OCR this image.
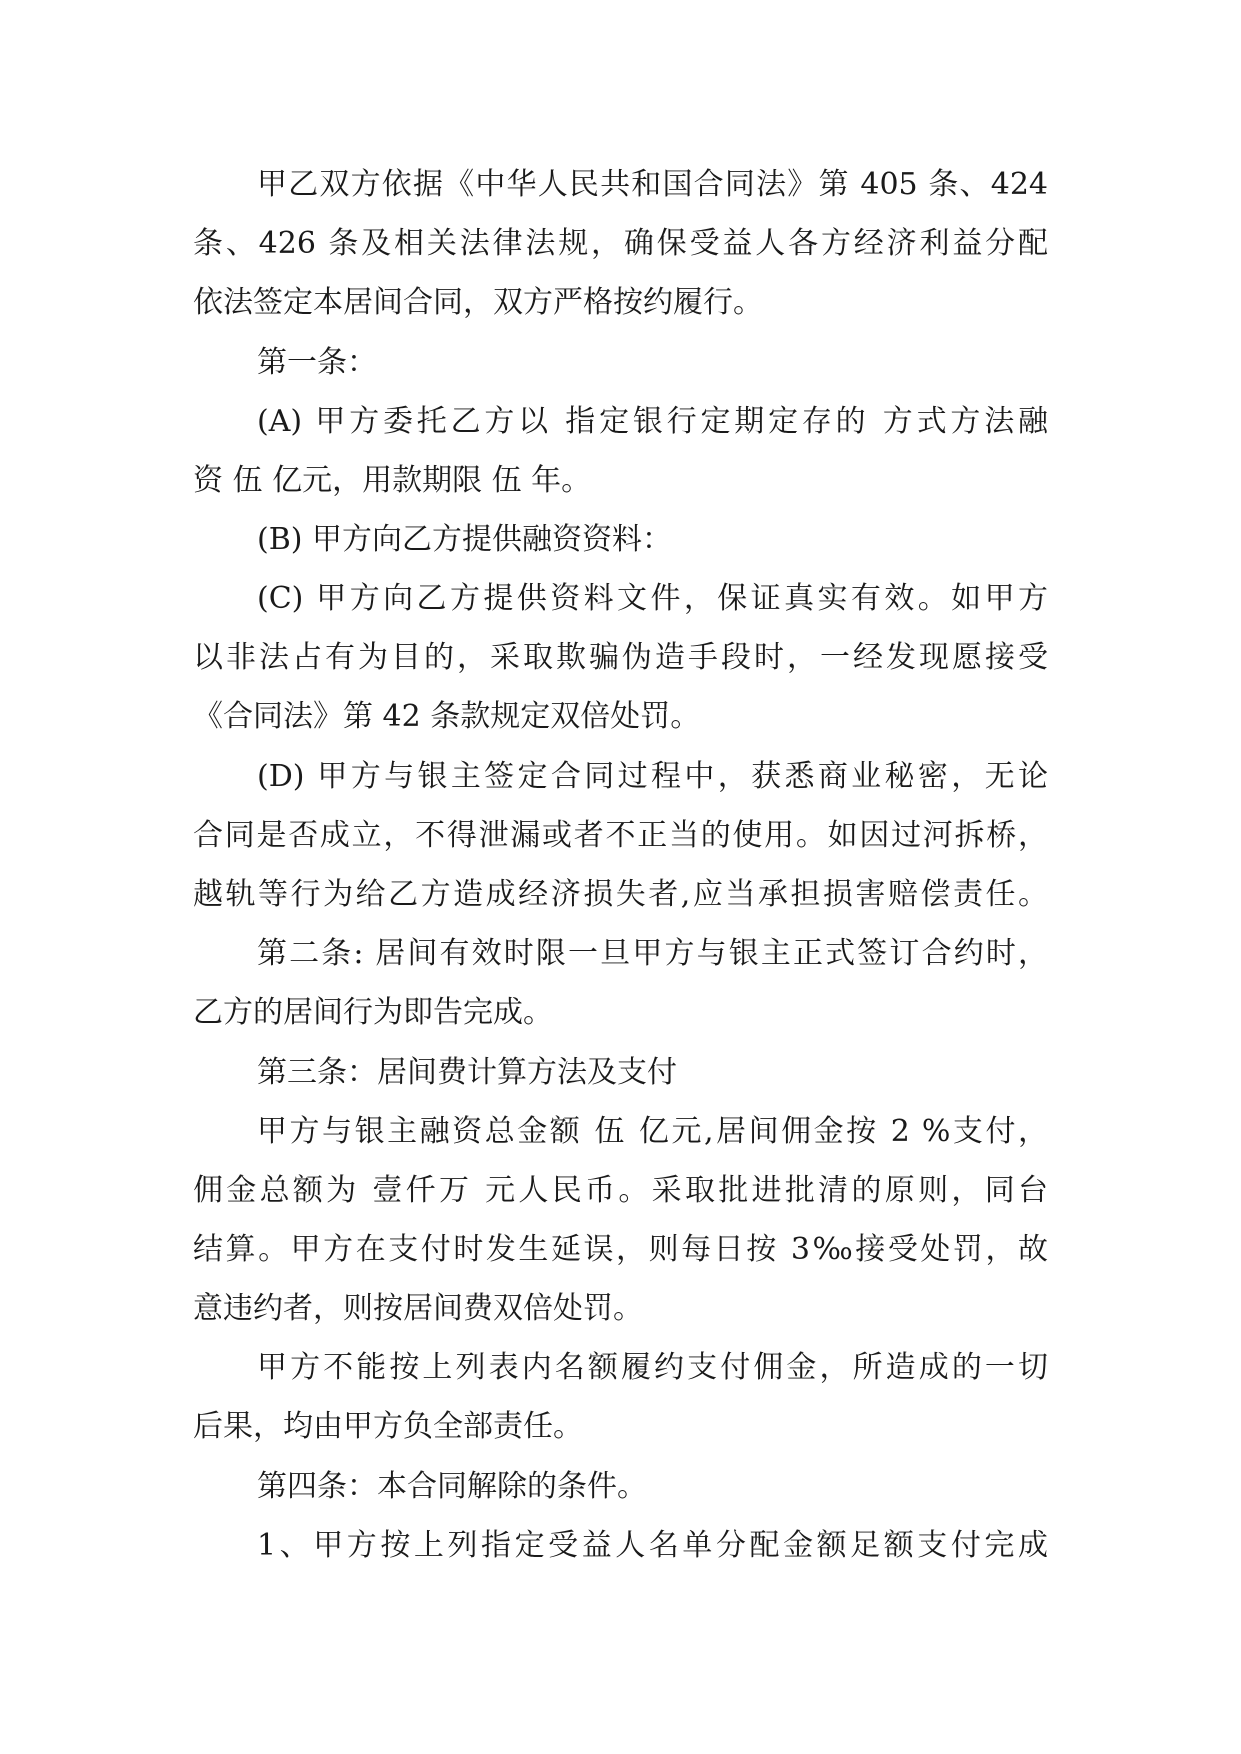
甲乙双方依据《中华人民共和国合同法》第 405 条、424
条、426 条及相关法律法规，确保受益人各方经济利益分配
依法签定本居间合同，双方严格按约履行。
第一条：
(A) 甲方委托乙方以 指定银行定期定存的 方式方法融
资 伍 亿元，用款期限 伍 年。
(B) 甲方向乙方提供融资资料：
(C) 甲方向乙方提供资料文件，保证真实有效。如甲方
以非法占有为目的，采取欺骗伪造手段时，一经发现愿接受
《合同法》第 42 条款规定双倍处罚。
(D) 甲方与银主签定合同过程中，获悉商业秘密，无论
合同是否成立，不得泄漏或者不正当的使用。如因过河拆桥，
越轨等行为给乙方造成经济损失者,应当承担损害赔偿责任。
第二条: 居间有效时限一旦甲方与银主正式签订合约时，
乙方的居间行为即告完成。
第三条：居间费计算方法及支付
甲方与银主融资总金额 伍 亿元,居间佣金按 2 %支付，
佣金总额为 壹仟万 元人民币。采取批进批清的原则，同台
结算。甲方在支付时发生延误，则每日按 3‰接受处罚，故
意违约者，则按居间费双倍处罚。
甲方不能按上列表内名额履约支付佣金，所造成的一切
后果，均由甲方负全部责任。
第四条：本合同解除的条件。
1、甲方按上列指定受益人名单分配金额足额支付完成
